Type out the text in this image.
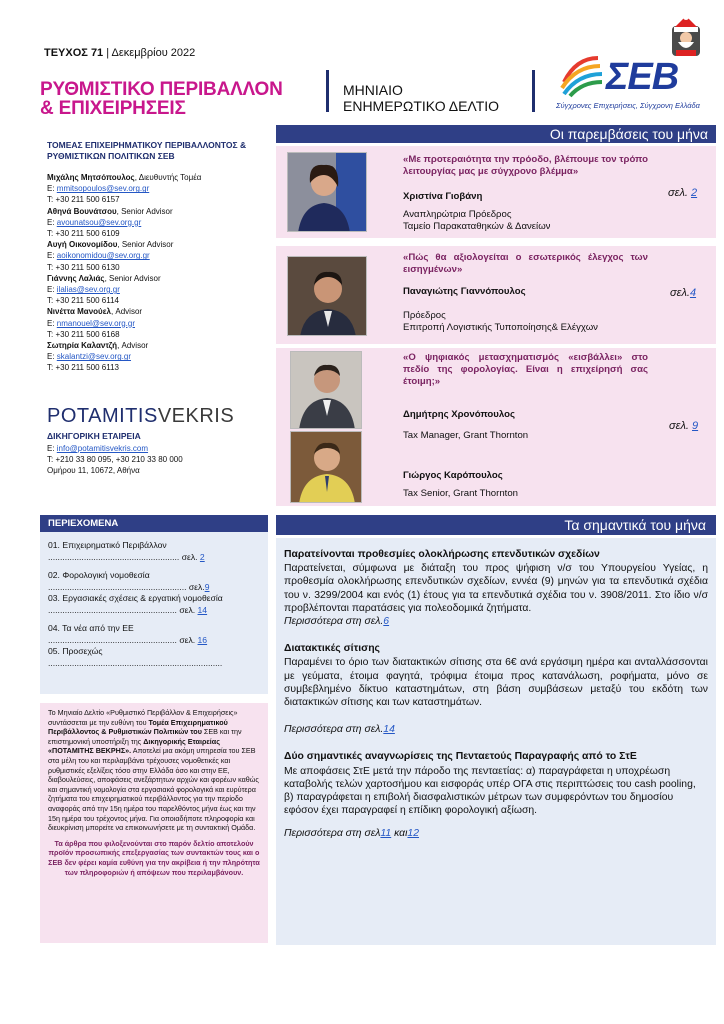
ΤΕΥΧΟΣ 71 | Δεκεμβρίου 2022
ΡΥΘΜΙΣΤΙΚΟ ΠΕΡΙΒΑΛΛΟΝ
& ΕΠΙΧΕΙΡΗΣΕΙΣ
ΜΗΝΙΑΙΟ
ΕΝΗΜΕΡΩΤΙΚΟ ΔΕΛΤΙΟ
ΣΕΒ
Σύγχρονες Επιχειρήσεις, Σύγχρονη Ελλάδα
ΤΟΜΕΑΣ ΕΠΙΧΕΙΡΗΜΑΤΙΚΟΥ ΠΕΡΙΒΑΛΛΟΝΤΟΣ & ΡΥΘΜΙΣΤΙΚΩΝ ΠΟΛΙΤΙΚΩΝ ΣΕΒ
Μιχάλης Μητσόπουλος, Διευθυντής Τομέα
E: mmitsopoulos@sev.org.gr
T: +30 211 500 6157
Αθηνά Βουνάτσου, Senior Advisor
E: avounatsou@sev.org.gr
T: +30 211 500 6109
Αυγή Οικονομίδου, Senior Advisor
E: aoikonomidou@sev.org.gr
T: +30 211 500 6130
Γιάννης Λαλιάς, Senior Advisor
E: ilalias@sev.org.gr
T: +30 211 500 6114
Νινέττα Μανούελ, Advisor
E: nmanouel@sev.org.gr
T: +30 211 500 6168
Σωτηρία Καλαντζή, Advisor
E: skalantzi@sev.org.gr
T: +30 211 500 6113
POTAMITISVEKRIS
ΔΙΚΗΓΟΡΙΚΗ ΕΤΑΙΡΕΙΑ
E: info@potamitisvekris.com
T: +210 33 80 095, +30 210 33 80 000
Ομήρου 11, 10672, Αθήνα
Οι παρεμβάσεις του μήνα
«Με προτεραιότητα την πρόοδο, βλέπουμε τον τρόπο λειτουργίας μας με σύγχρονο βλέμμα»
Χριστίνα Γιοβάνη
Αναπληρώτρια Πρόεδρος
Ταμείο Παρακαταθηκών & Δανείων
σελ. 2
«Πώς θα αξιολογείται ο εσωτερικός έλεγχος των εισηγμένων»
Παναγιώτης Γιαννόπουλος
Πρόεδρος
Επιτροπή Λογιστικής Τυποποίησης& Ελέγχων
σελ.4
«Ο ψηφιακός μετασχηματισμός «εισβάλλει» στο πεδίο της φορολογίας. Είναι η επιχείρησή σας έτοιμη;»
Δημήτρης Χρονόπουλος
Tax Manager, Grant Thornton
Γιώργος Καρόπουλος
Tax Senior, Grant Thornton
σελ. 9
ΠΕΡΙΕΧΟΜΕΝΑ
01. Επιχειρηματικό Περιβάλλον
....................................................... σελ. 2
02. Φορολογική νομοθεσία
.......................................................... σελ.9
03. Εργασιακές σχέσεις & εργατική νομοθεσία
...................................................... σελ. 14
04. Τα νέα από την ΕΕ
...................................................... σελ. 16
05. Προσεχώς
.........................................................................
Το Μηνιαίο Δελτίο «Ρυθμιστικό Περιβάλλον & Επιχειρήσεις» συντάσσεται με την ευθύνη του Τομέα Επιχειρηματικού Περιβάλλοντος & Ρυθμιστικών Πολιτικών του ΣΕΒ και την επιστημονική υποστήριξη της Δικηγορικής Εταιρείας «ΠΟΤΑΜΙΤΗΣ ΒΕΚΡΗΣ». Αποτελεί μια ακόμη υπηρεσία του ΣΕΒ στα μέλη του και περιλαμβάνει τρέχουσες νομοθετικές και ρυθμιστικές εξελίξεις τόσο στην Ελλάδα όσο και στην ΕΕ, διαβουλεύσεις, αποφάσεις ανεξάρτητων αρχών και φορέων καθώς και σημαντική νομολογία στα εργασιακά φορολογικά και ευρύτερα ζητήματα του επιχειρηματικού περιβάλλοντος για την περίοδο αναφοράς από την 15η ημέρα του παρελθόντος μήνα έως και την 15η ημέρα του τρέχοντος μήνα. Για οποιαδήποτε πληροφορία και διευκρίνιση μπορείτε να επικοινωνήσετε με τη συντακτική Ομάδα.
Τα άρθρα που φιλοξενούνται στο παρόν δελτίο αποτελούν προϊόν προσωπικής επεξεργασίας των συντακτών τους και ο ΣΕΒ δεν φέρει καμία ευθύνη για την ακρίβεια ή την πληρότητα των πληροφοριών ή απόψεων που περιλαμβάνουν.
Τα σημαντικά του μήνα
Παρατείνονται προθεσμίες ολοκλήρωσης επενδυτικών σχεδίων
Παρατείνεται, σύμφωνα με διάταξη του προς ψήφιση ν/σ του Υπουργείου Υγείας, η προθεσμία ολοκλήρωσης επενδυτικών σχεδίων, εννέα (9) μηνών για τα επενδυτικά σχέδια του ν. 3299/2004 και ενός (1) έτους για τα επενδυτικά σχέδια του ν. 3908/2011. Στο ίδιο ν/σ προβλέπονται παρατάσεις για πολεοδομικά ζητήματα.
Περισσότερα στη σελ.6
Διατακτικές σίτισης
Παραμένει το όριο των διατακτικών σίτισης στα 6€ ανά εργάσιμη ημέρα και ανταλλάσσονται με γεύματα, έτοιμα φαγητά, τρόφιμα έτοιμα προς κατανάλωση, ροφήματα, μόνο σε συμβεβλημένο δίκτυο καταστημάτων, στη βάση συμβάσεων μεταξύ του εκδότη των διατακτικών σίτισης και των καταστημάτων.
Περισσότερα στη σελ.14
Δύο σημαντικές αναγνωρίσεις της Πενταετούς Παραγραφής από το ΣτΕ
Με αποφάσεις ΣτΕ μετά την πάροδο της πενταετίας: α) παραγράφεται η υποχρέωση καταβολής τελών χαρτοσήμου και εισφοράς υπέρ ΟΓΑ στις περιπτώσεις του cash pooling, β) παραγράφεται η επιβολή διασφαλιστικών μέτρων των συμφερόντων του δημοσίου εφόσον έχει παραγραφεί η επίδικη φορολογική αξίωση.
Περισσότερα στη σελ11 και12
